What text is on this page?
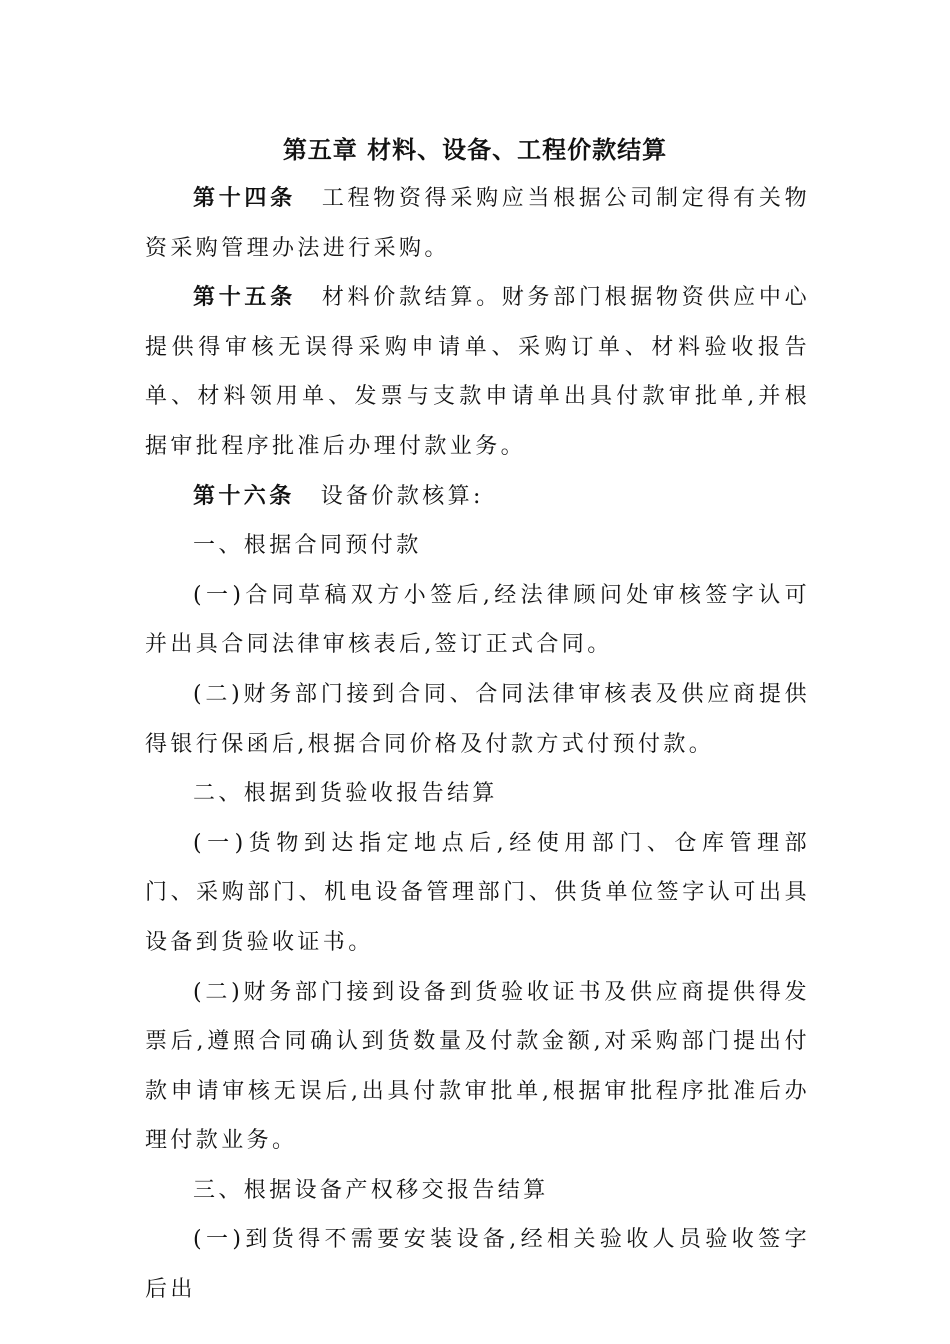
第五章 材料、设备、工程价款结算

第十四条 工程物资得采购应当根据公司制定得有关物资采购管理办法进行采购。

第十五条 材料价款结算。财务部门根据物资供应中心提供得审核无误得采购申请单、采购订单、材料验收报告单、材料领用单、发票与支款申请单出具付款审批单,并根据审批程序批准后办理付款业务。

第十六条 设备价款核算:

一、根据合同预付款

(一)合同草稿双方小签后,经法律顾问处审核签字认可并出具合同法律审核表后,签订正式合同。

(二)财务部门接到合同、合同法律审核表及供应商提供得银行保函后,根据合同价格及付款方式付预付款。

二、根据到货验收报告结算

(一)货物到达指定地点后,经使用部门、仓库管理部门、采购部门、机电设备管理部门、供货单位签字认可出具设备到货验收证书。

(二)财务部门接到设备到货验收证书及供应商提供得发票后,遵照合同确认到货数量及付款金额,对采购部门提出付款申请审核无误后,出具付款审批单,根据审批程序批准后办理付款业务。

三、根据设备产权移交报告结算

(一)到货得不需要安装设备,经相关验收人员验收签字后出
